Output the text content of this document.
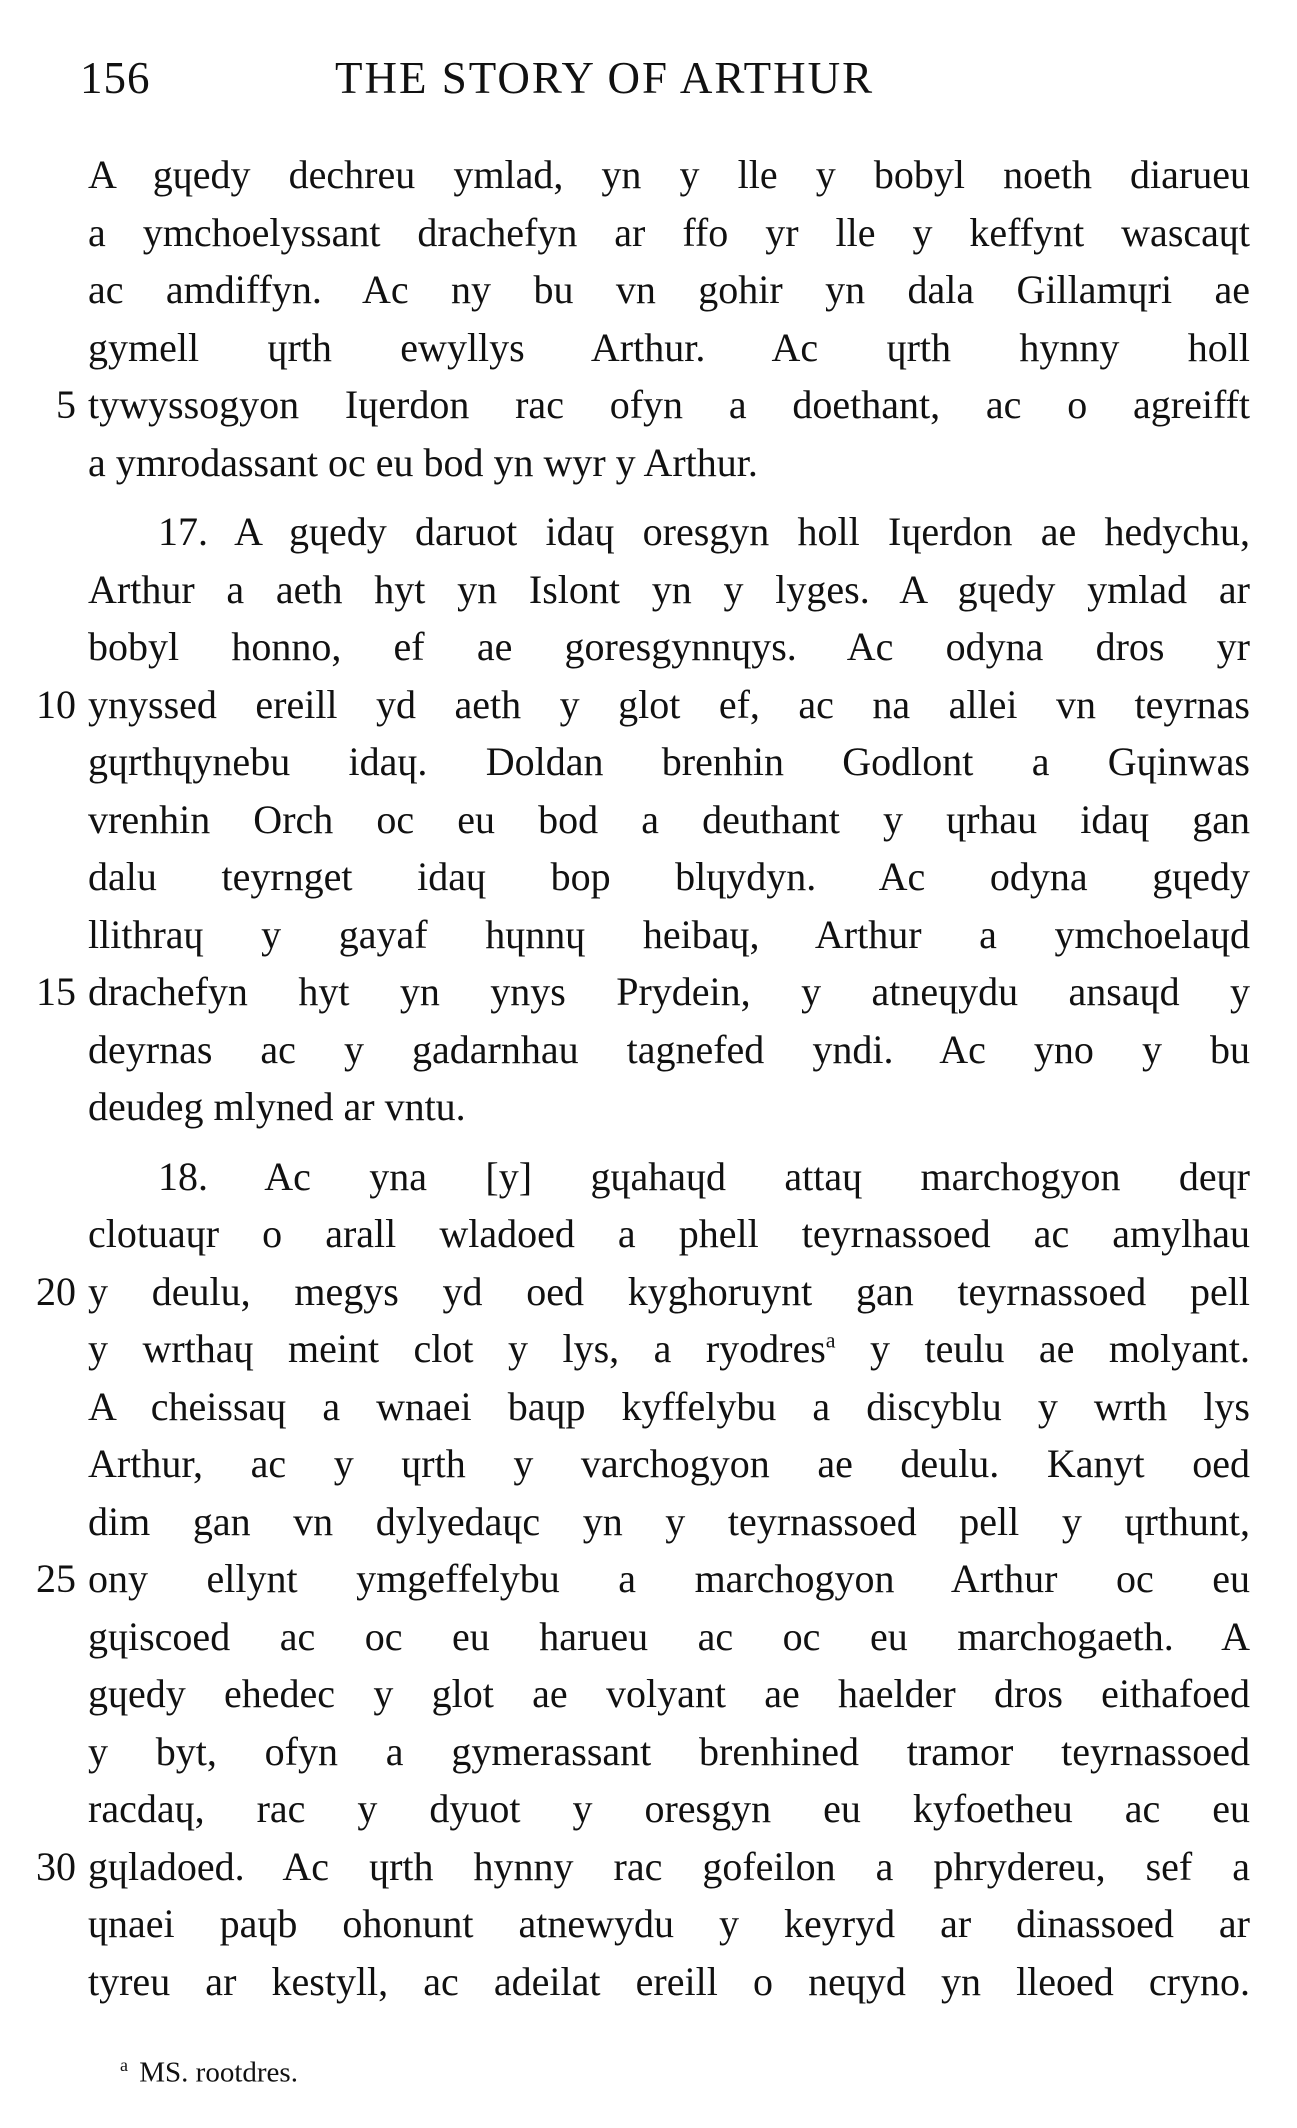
156	THE STORY OF ARTHUR
A gɥedy dechreu ymlad, yn y lle y bobyl noeth diarueu
a ymchoelyssant drachefyn ar ffo yr lle y keffynt wascaɥt
ac amdiffyn. Ac ny bu vn gohir yn dala Gillamɥri ae
gymell ɥrth ewyllys Arthur. Ac ɥrth hynny holl
5 tywyssogyon Iɥerdon rac ofyn a doethant, ac o agreifft
a ymrodassant oc eu bod yn wyr y Arthur.
17. A gɥedy daruot idaɥ oresgyn holl Iɥerdon ae hedychu,
Arthur a aeth hyt yn Islont yn y lyges. A gɥedy ymlad ar
bobyl honno, ef ae goresgynnɥys. Ac odyna dros yr
10 ynyssed ereill yd aeth y glot ef, ac na allei vn teyrnas
gɥrthɥynebu idaɥ. Doldan brenhin Godlont a Gɥinwas
vrenhin Orch oc eu bod a deuthant y ɥrhau idaɥ gan
dalu teyrnget idaɥ bop blɥydyn. Ac odyna gɥedy
llithraɥ y gayaf hɥnnɥ heibaɥ, Arthur a ymchoelaɥd
15 drachefyn hyt yn ynys Prydein, y atneɥydu ansaɥd y
deyrnas ac y gadarnhau tagnefed yndi. Ac yno y bu
deudeg mlyned ar vntu.
18. Ac yna [y] gɥahaɥd attaɥ marchogyon deɥr
clotuaɥr o arall wladoed a phell teyrnassoed ac amylhau
20 y deulu, megys yd oed kyghoruynt gan teyrnassoed pell
y wrthaɥ meint clot y lys, a ryodres$^a$ y teulu ae molyant.
A cheissaɥ a wnaei baɥp kyffelybu a discyblu y wrth lys
Arthur, ac y ɥrth y varchogyon ae deulu. Kanyt oed
dim gan vn dylyedaɥc yn y teyrnassoed pell y ɥrthunt,
25 ony ellynt ymgeffelybu a marchogyon Arthur oc eu
gɥiscoed ac oc eu harueu ac oc eu marchogaeth. A
gɥedy ehedec y glot ae volyant ae haelder dros eithafoed
y byt, ofyn a gymerassant brenhined tramor teyrnassoed
racdaɥ, rac y dyuot y oresgyn eu kyfoetheu ac eu
30 gɥladoed. Ac ɥrth hynny rac gofeilon a phrydereu, sef a
ɥnaei paɥb ohonunt atnewydu y keyryd ar dinassoed ar
tyreu ar kestyll, ac adeilat ereill o neɥyd yn lleoed cryno.
$^a$ MS. rootdres.
